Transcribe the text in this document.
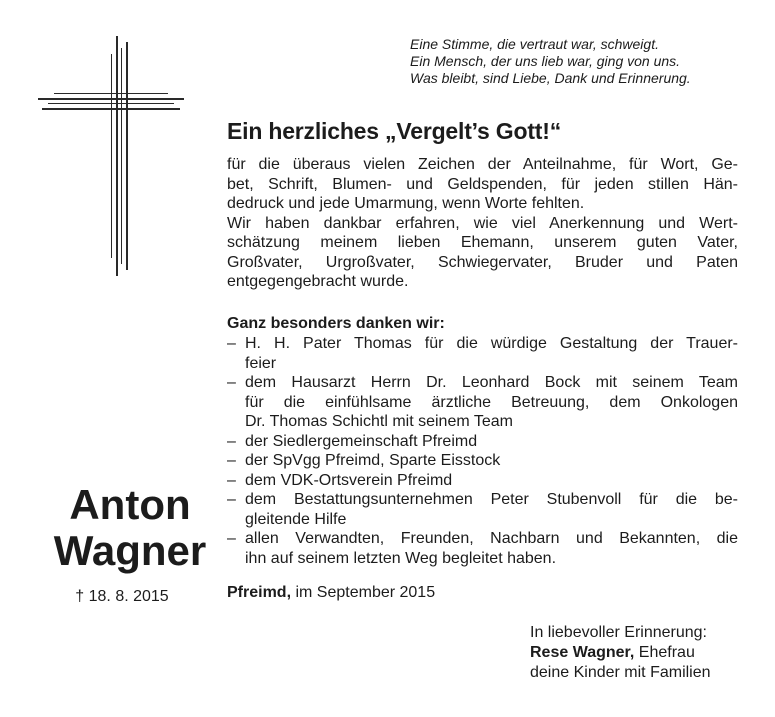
Eine Stimme, die vertraut war, schweigt.
Ein Mensch, der uns lieb war, ging von uns.
Was bleibt, sind Liebe, Dank und Erinnerung.
Ein herzliches „Vergelt’s Gott!“
für die überaus vielen Zeichen der Anteilnahme, für Wort, Ge-
bet, Schrift, Blumen- und Geldspenden, für jeden stillen Hän-
dedruck und jede Umarmung, wenn Worte fehlten.
Wir haben dankbar erfahren, wie viel Anerkennung und Wert-
schätzung meinem lieben Ehemann, unserem guten Vater,
Großvater, Urgroßvater, Schwiegervater, Bruder und Paten
entgegengebracht wurde.
Ganz besonders danken wir:
– H. H. Pater Thomas für die würdige Gestaltung der Trauer-
feier
– dem Hausarzt Herrn Dr. Leonhard Bock mit seinem Team
für die einfühlsame ärztliche Betreuung, dem Onkologen
Dr. Thomas Schichtl mit seinem Team
– der Siedlergemeinschaft Pfreimd
– der SpVgg Pfreimd, Sparte Eisstock
– dem VDK-Ortsverein Pfreimd
– dem Bestattungsunternehmen Peter Stubenvoll für die be-
gleitende Hilfe
– allen Verwandten, Freunden, Nachbarn und Bekannten, die
ihn auf seinem letzten Weg begleitet haben.
Anton
Wagner
† 18. 8. 2015	Pfreimd, im September 2015
In liebevoller Erinnerung:
Rese Wagner, Ehefrau
deine Kinder mit Familien
